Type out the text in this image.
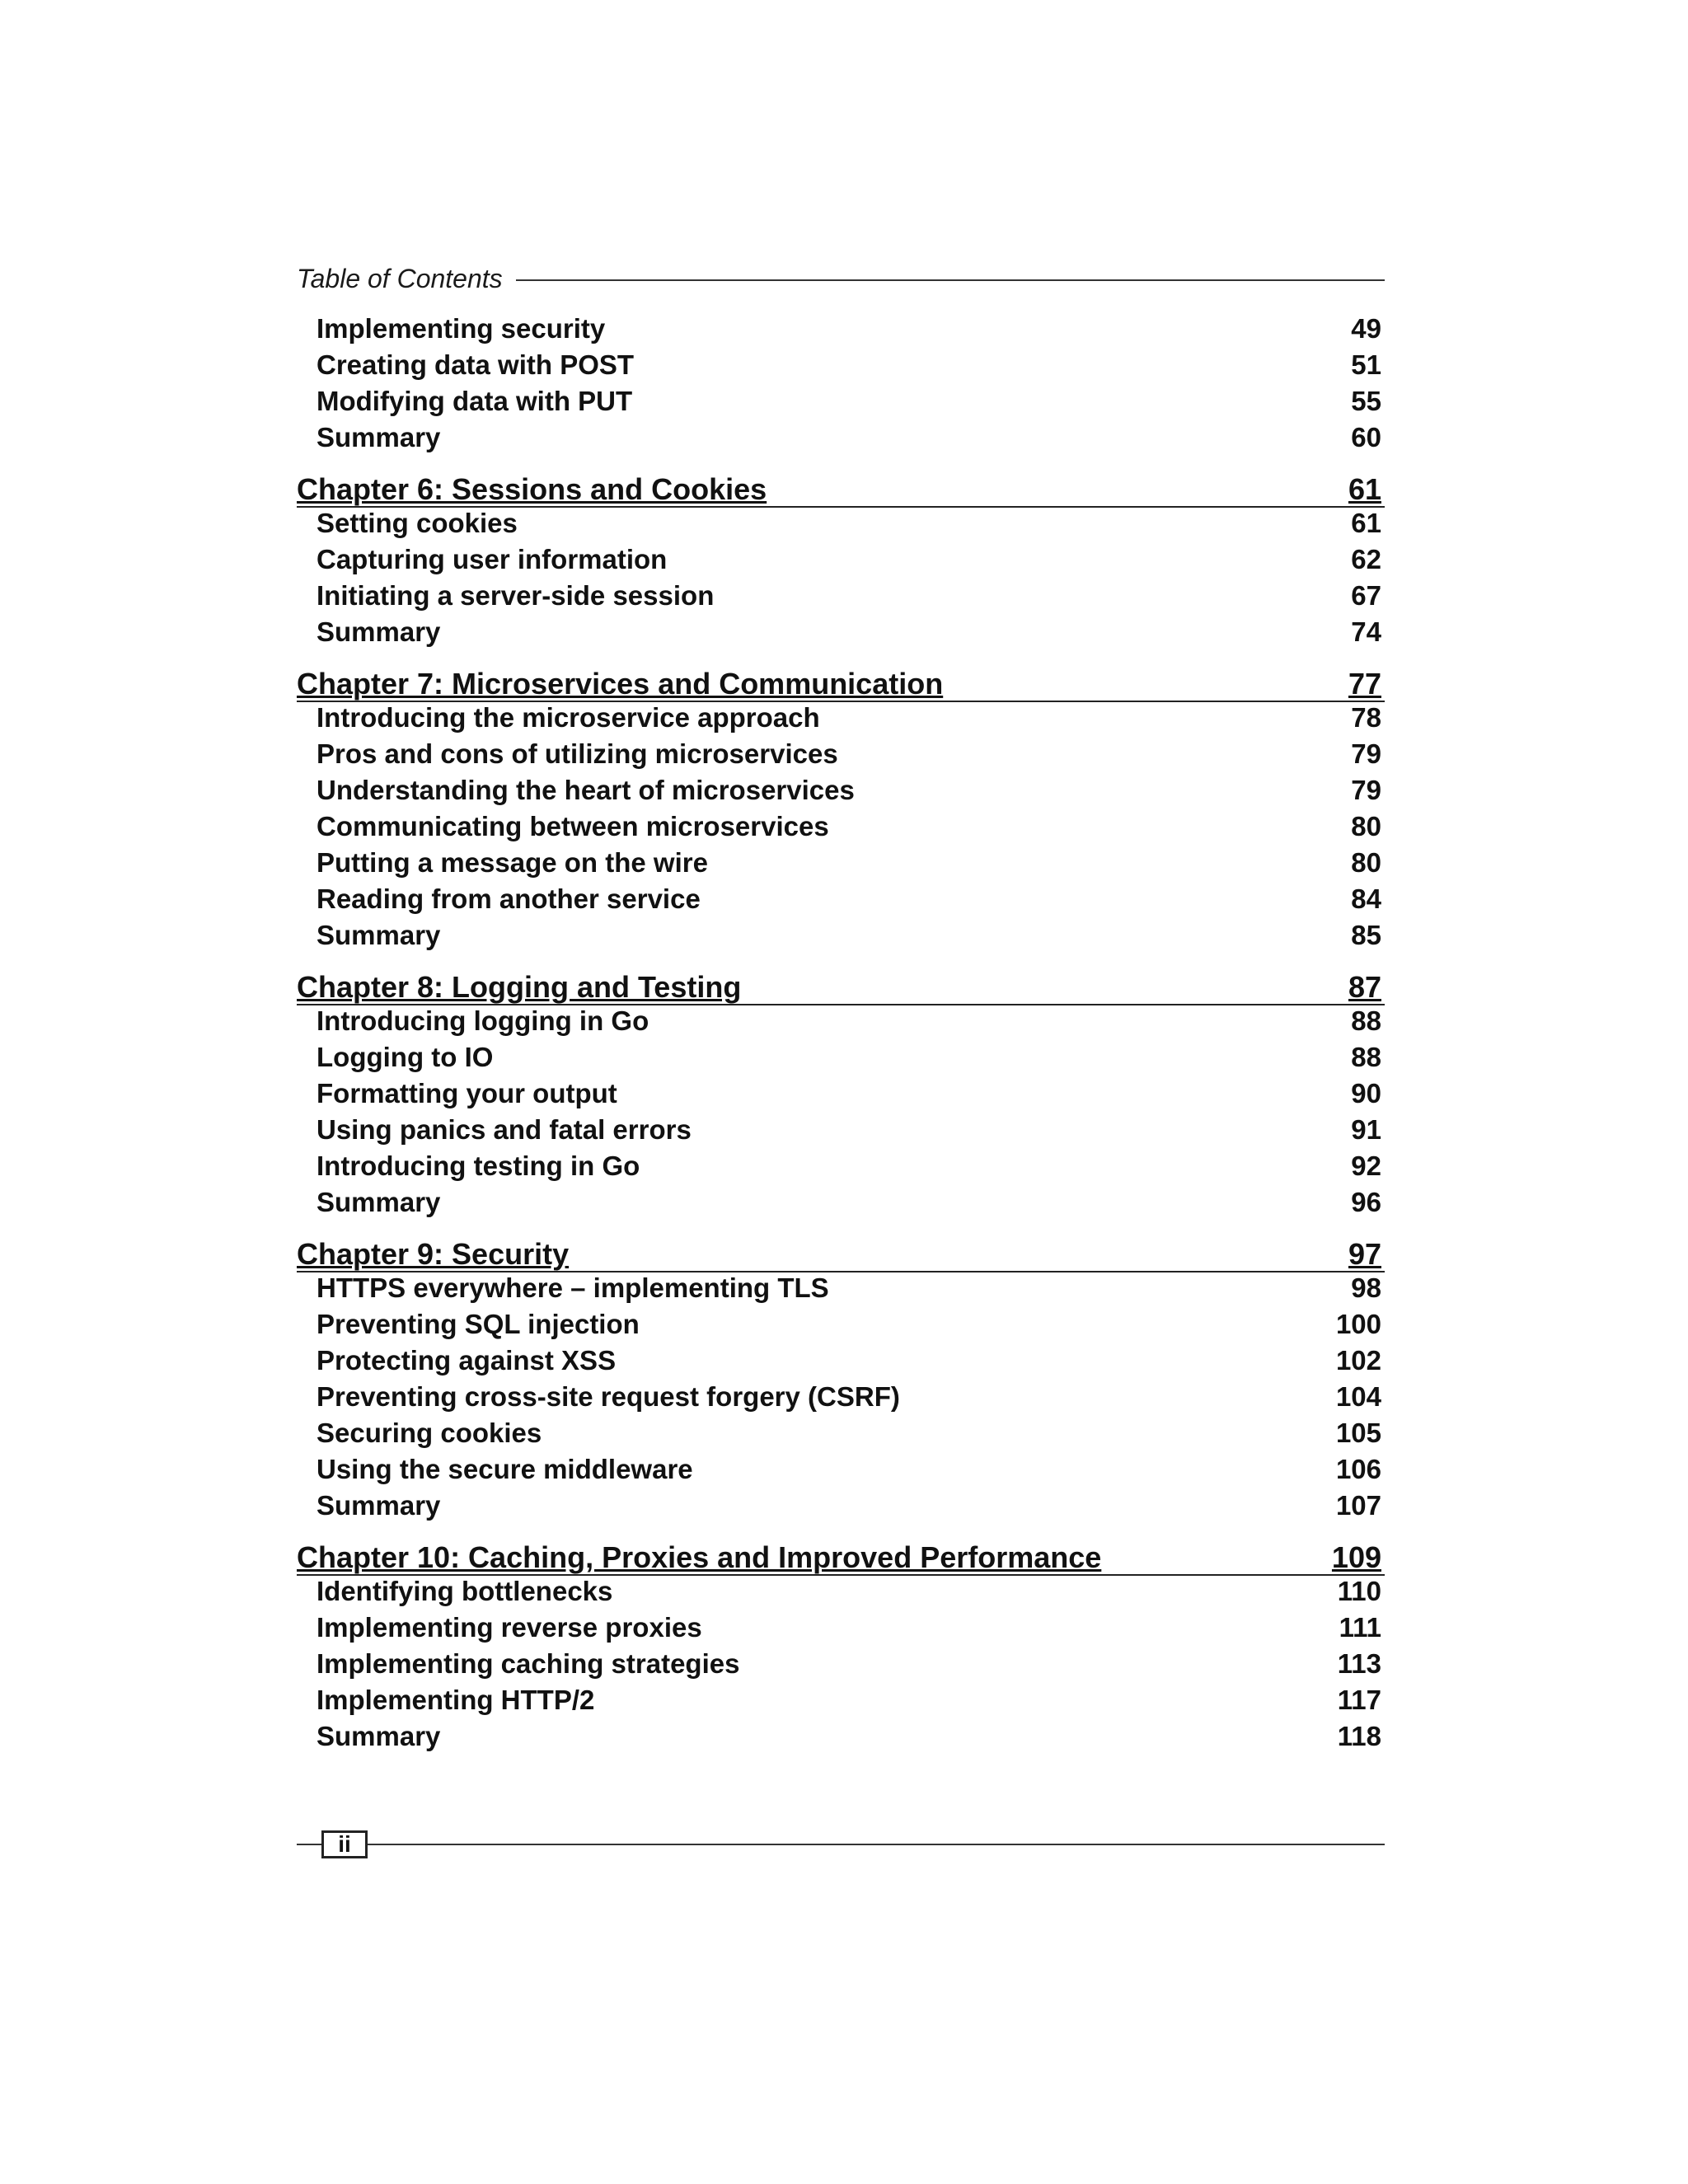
Table of Contents
Implementing security	49
Creating data with POST	51
Modifying data with PUT	55
Summary	60
Chapter 6: Sessions and Cookies	61
Setting cookies	61
Capturing user information	62
Initiating a server-side session	67
Summary	74
Chapter 7: Microservices and Communication	77
Introducing the microservice approach	78
Pros and cons of utilizing microservices	79
Understanding the heart of microservices	79
Communicating between microservices	80
Putting a message on the wire	80
Reading from another service	84
Summary	85
Chapter 8: Logging and Testing	87
Introducing logging in Go	88
Logging to IO	88
Formatting your output	90
Using panics and fatal errors	91
Introducing testing in Go	92
Summary	96
Chapter 9: Security	97
HTTPS everywhere – implementing TLS	98
Preventing SQL injection	100
Protecting against XSS	102
Preventing cross-site request forgery (CSRF)	104
Securing cookies	105
Using the secure middleware	106
Summary	107
Chapter 10: Caching, Proxies and Improved Performance	109
Identifying bottlenecks	110
Implementing reverse proxies	111
Implementing caching strategies	113
Implementing HTTP/2	117
Summary	118
ii
